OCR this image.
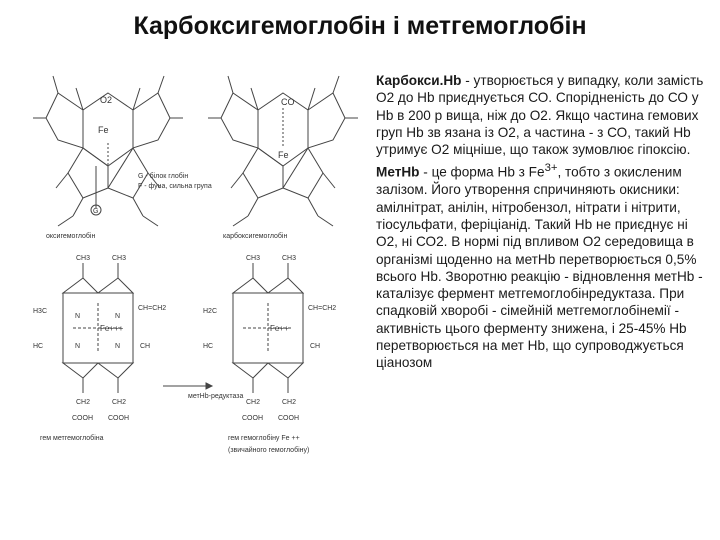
Карбоксигемоглобін і метгемоглобін
O2
Fe
G
G - білок глобін
F - фуна, сильна група
оксигемоглобін
CO
Fe
карбоксигемоглобін
CH3	CH3
H3C
HC
CH=CH2
CH
Fe+++
N	N
N	N
CH2	CH2
COOH COOH
гем метгемоглобіна
метHb-редуктаза
CH3	CH3
H2C
HC
CH=CH2
CH
Fe++
CH2	CH2
COOH COOH
гем гемоглобіну Fe ++
(звичайного гемоглобіну)

Карбокси.Hb - утворюється у випадку, коли замість О2 до Hb приєднується СО. Спорідненість до СО у Hb в 200 р вища, ніж до О2. Якщо частина гемових груп Hb зв язана із О2, а частина - з СО, такий Hb утримує О2 міцніше, що також зумовлює гіпоксію.

МетHb - це форма Hb з $Fe^{3+}$, тобто з окисленим залізом. Його утворення спричиняють окисники: амілнітрат, анілін, нітробензол, нітрати і нітрити, тіосульфати, феріціанід. Такий Hb не приєднує ні О2, ні СО2. В нормі під впливом О2 середовища в організмі щоденно на метHb перетворюється 0,5% всього Hb. Зворотню реакцію - відновлення метHb - каталізує фермент метгемоглобінредуктаза. При спадковій хворобі - сімейній метгемоглобінемії - активність цього ферменту знижена, і 25-45% Hb перетворюється на мет Hb, що супроводжується ціанозом
